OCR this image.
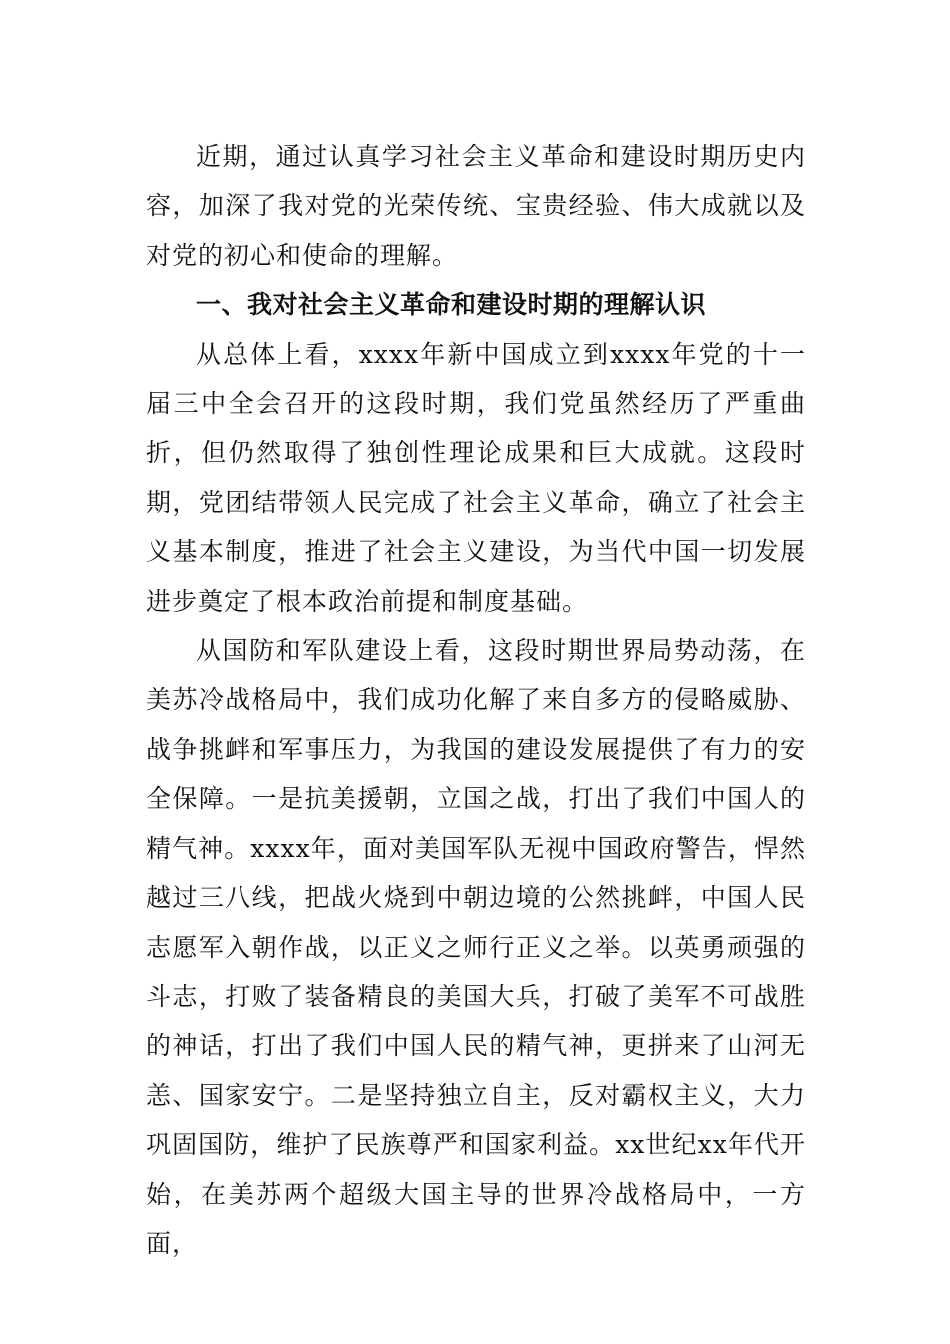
近期，通过认真学习社会主义革命和建设时期历史内容，加深了我对党的光荣传统、宝贵经验、伟大成就以及对党的初心和使命的理解。

一、我对社会主义革命和建设时期的理解认识

从总体上看，xxxx年新中国成立到xxxx年党的十一届三中全会召开的这段时期，我们党虽然经历了严重曲折，但仍然取得了独创性理论成果和巨大成就。这段时期，党团结带领人民完成了社会主义革命，确立了社会主义基本制度，推进了社会主义建设，为当代中国一切发展进步奠定了根本政治前提和制度基础。

从国防和军队建设上看，这段时期世界局势动荡，在美苏冷战格局中，我们成功化解了来自多方的侵略威胁、战争挑衅和军事压力，为我国的建设发展提供了有力的安全保障。一是抗美援朝，立国之战，打出了我们中国人的精气神。xxxx年，面对美国军队无视中国政府警告，悍然越过三八线，把战火烧到中朝边境的公然挑衅，中国人民志愿军入朝作战，以正义之师行正义之举。以英勇顽强的斗志，打败了装备精良的美国大兵，打破了美军不可战胜的神话，打出了我们中国人民的精气神，更拼来了山河无恙、国家安宁。二是坚持独立自主，反对霸权主义，大力巩固国防，维护了民族尊严和国家利益。xx世纪xx年代开始，在美苏两个超级大国主导的世界冷战格局中，一方面，
